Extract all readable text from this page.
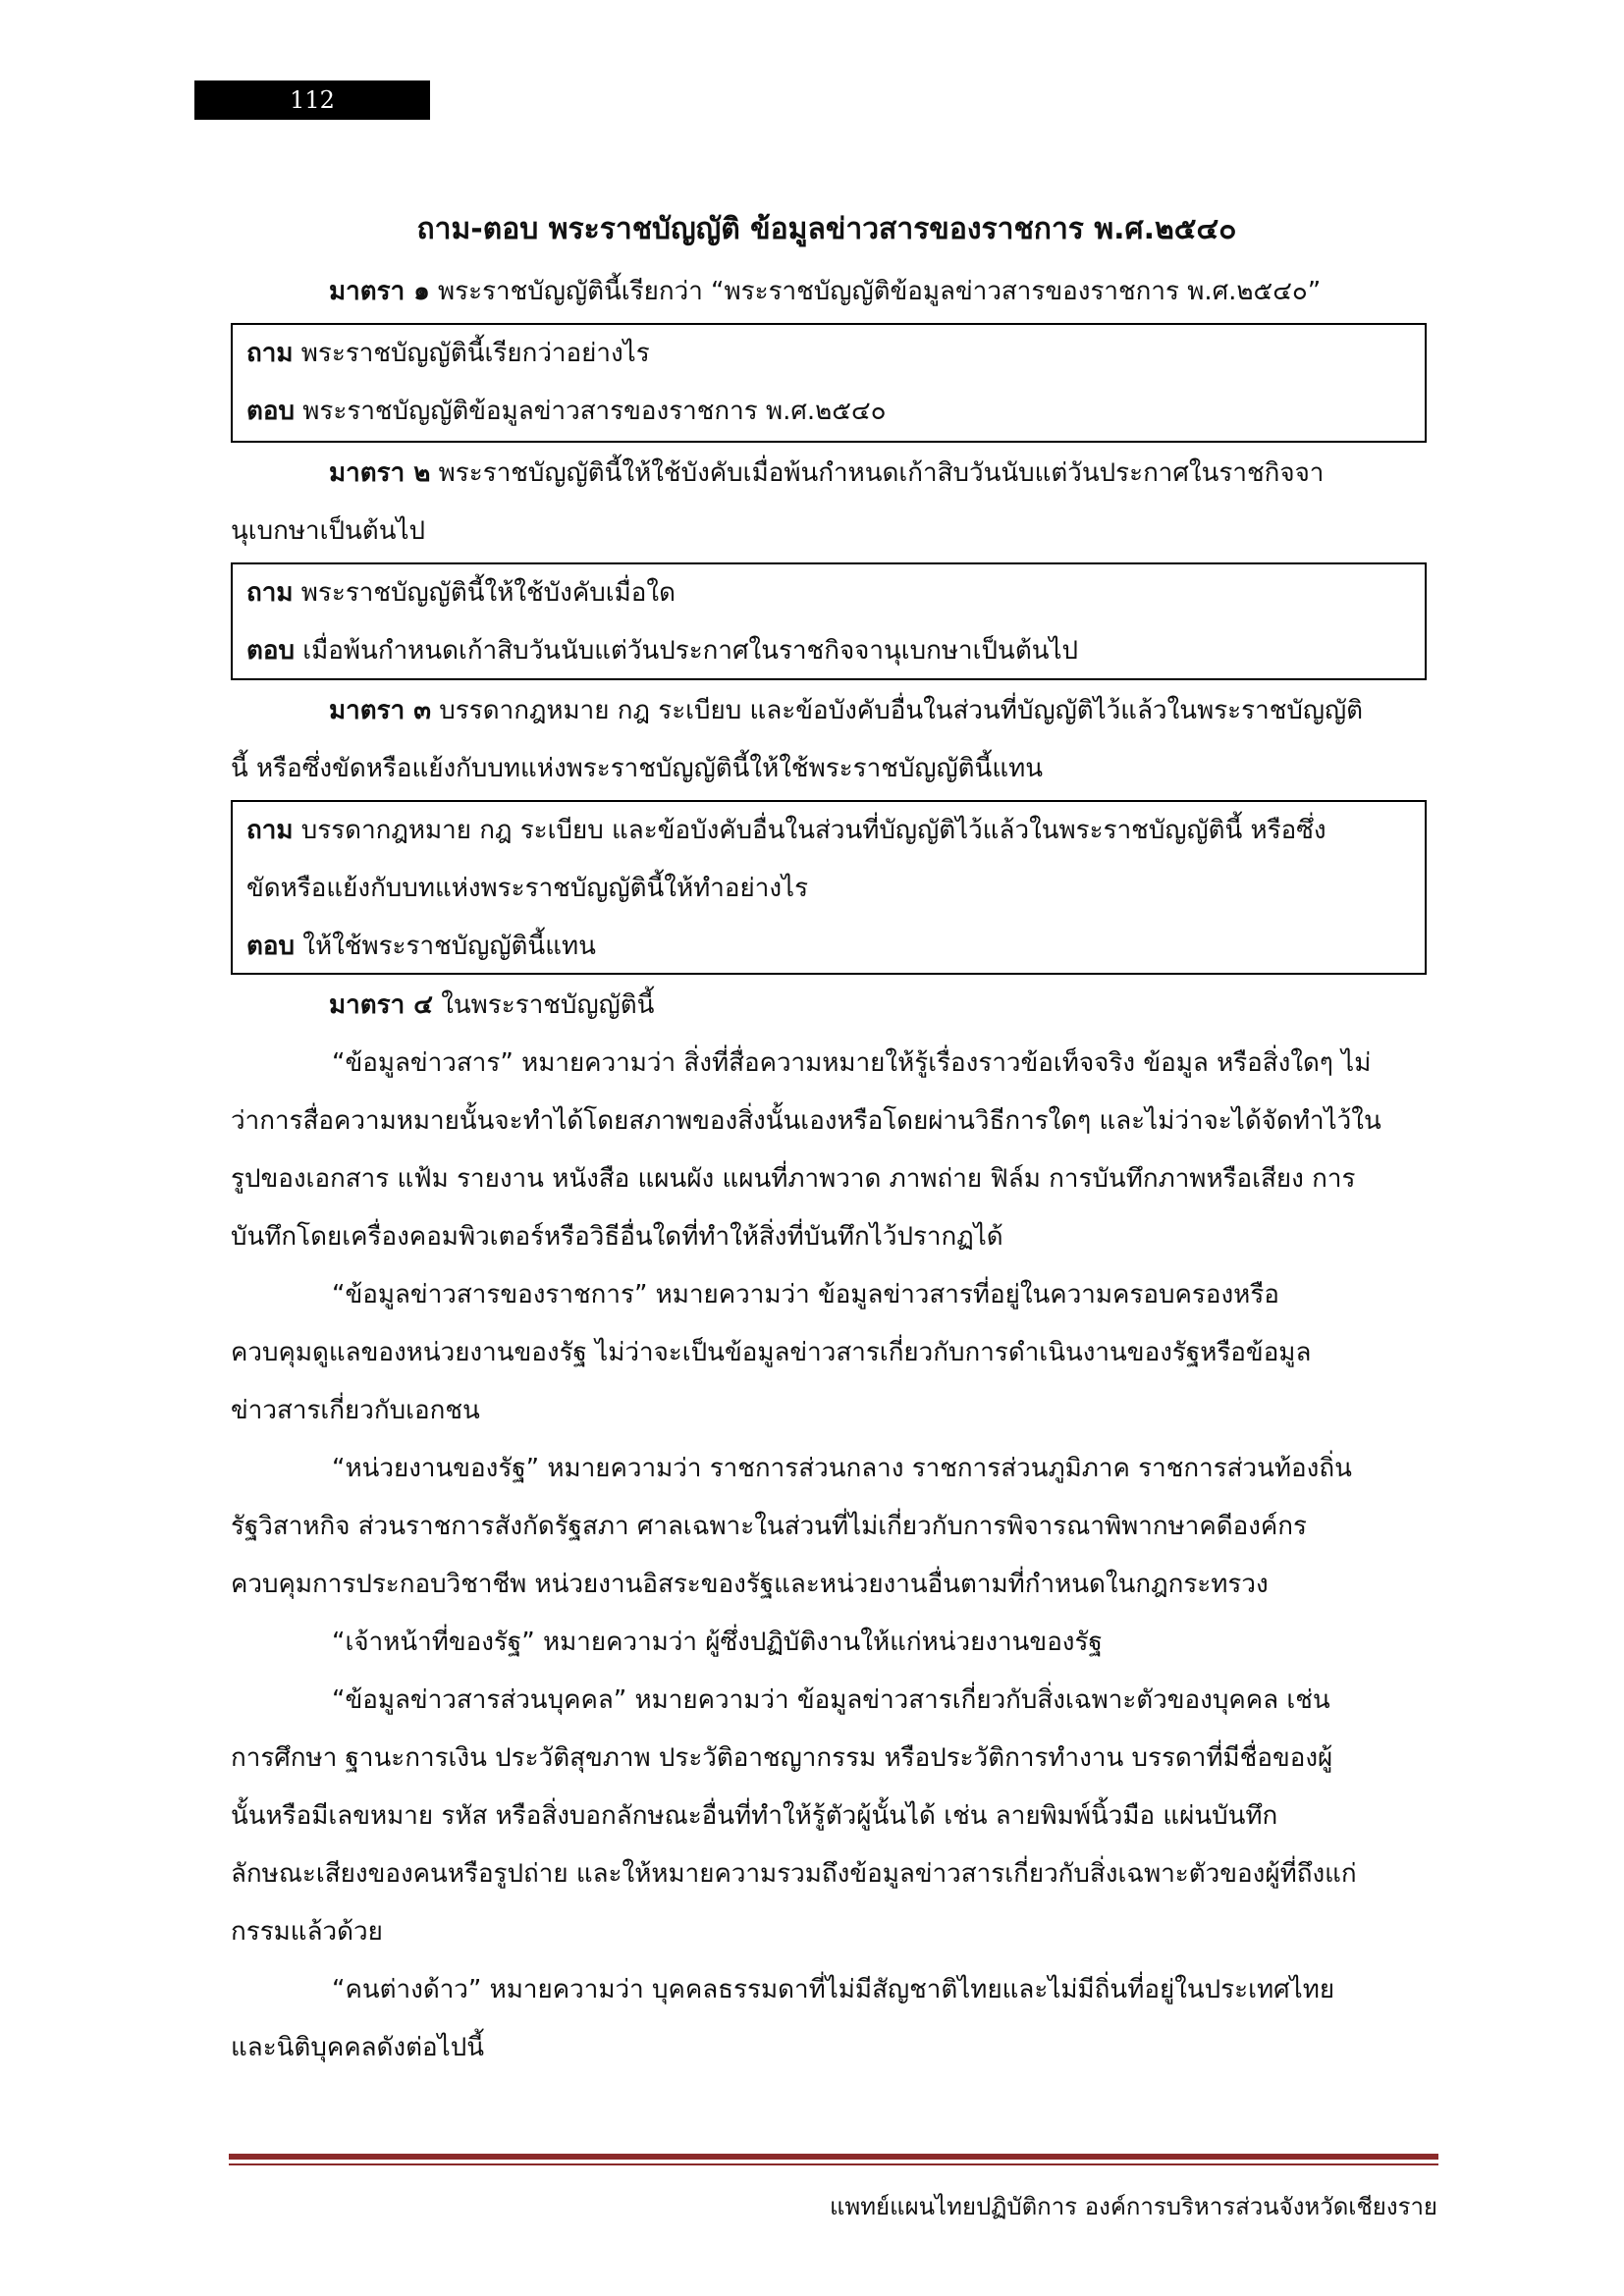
112
ถาม-ตอบ พระราชบัญญัติ ข้อมูลข่าวสารของราชการ พ.ศ.๒๕๔๐

มาตรา ๑ พระราชบัญญัตินี้เรียกว่า “พระราชบัญญัติข้อมูลข่าวสารของราชการ พ.ศ.๒๕๔๐”

ถาม พระราชบัญญัตินี้เรียกว่าอย่างไร

ตอบ พระราชบัญญัติข้อมูลข่าวสารของราชการ พ.ศ.๒๕๔๐

มาตรา ๒ พระราชบัญญัตินี้ให้ใช้บังคับเมื่อพ้นกำหนดเก้าสิบวันนับแต่วันประกาศในราชกิจจา

นุเบกษาเป็นต้นไป

ถาม พระราชบัญญัตินี้ให้ใช้บังคับเมื่อใด

ตอบ เมื่อพ้นกำหนดเก้าสิบวันนับแต่วันประกาศในราชกิจจานุเบกษาเป็นต้นไป

มาตรา ๓ บรรดากฎหมาย กฎ ระเบียบ และข้อบังคับอื่นในส่วนที่บัญญัติไว้แล้วในพระราชบัญญัติ

นี้ หรือซึ่งขัดหรือแย้งกับบทแห่งพระราชบัญญัตินี้ให้ใช้พระราชบัญญัตินี้แทน

ถาม บรรดากฎหมาย กฎ ระเบียบ และข้อบังคับอื่นในส่วนที่บัญญัติไว้แล้วในพระราชบัญญัตินี้ หรือซึ่ง

ขัดหรือแย้งกับบทแห่งพระราชบัญญัตินี้ให้ทำอย่างไร

ตอบ ให้ใช้พระราชบัญญัตินี้แทน

มาตรา ๔ ในพระราชบัญญัตินี้

“ข้อมูลข่าวสาร” หมายความว่า สิ่งที่สื่อความหมายให้รู้เรื่องราวข้อเท็จจริง ข้อมูล หรือสิ่งใดๆ ไม่

ว่าการสื่อความหมายนั้นจะทำได้โดยสภาพของสิ่งนั้นเองหรือโดยผ่านวิธีการใดๆ และไม่ว่าจะได้จัดทำไว้ใน

รูปของเอกสาร แฟ้ม รายงาน หนังสือ แผนผัง แผนที่ภาพวาด ภาพถ่าย ฟิล์ม การบันทึกภาพหรือเสียง การ

บันทึกโดยเครื่องคอมพิวเตอร์หรือวิธีอื่นใดที่ทำให้สิ่งที่บันทึกไว้ปรากฏได้

“ข้อมูลข่าวสารของราชการ” หมายความว่า ข้อมูลข่าวสารที่อยู่ในความครอบครองหรือ

ควบคุมดูแลของหน่วยงานของรัฐ ไม่ว่าจะเป็นข้อมูลข่าวสารเกี่ยวกับการดำเนินงานของรัฐหรือข้อมูล

ข่าวสารเกี่ยวกับเอกชน

“หน่วยงานของรัฐ” หมายความว่า ราชการส่วนกลาง ราชการส่วนภูมิภาค ราชการส่วนท้องถิ่น

รัฐวิสาหกิจ ส่วนราชการสังกัดรัฐสภา ศาลเฉพาะในส่วนที่ไม่เกี่ยวกับการพิจารณาพิพากษาคดีองค์กร

ควบคุมการประกอบวิชาชีพ หน่วยงานอิสระของรัฐและหน่วยงานอื่นตามที่กำหนดในกฎกระทรวง

“เจ้าหน้าที่ของรัฐ” หมายความว่า ผู้ซึ่งปฏิบัติงานให้แก่หน่วยงานของรัฐ

“ข้อมูลข่าวสารส่วนบุคคล” หมายความว่า ข้อมูลข่าวสารเกี่ยวกับสิ่งเฉพาะตัวของบุคคล เช่น

การศึกษา ฐานะการเงิน ประวัติสุขภาพ ประวัติอาชญากรรม หรือประวัติการทำงาน บรรดาที่มีชื่อของผู้

นั้นหรือมีเลขหมาย รหัส หรือสิ่งบอกลักษณะอื่นที่ทำให้รู้ตัวผู้นั้นได้ เช่น ลายพิมพ์นิ้วมือ แผ่นบันทึก

ลักษณะเสียงของคนหรือรูปถ่าย และให้หมายความรวมถึงข้อมูลข่าวสารเกี่ยวกับสิ่งเฉพาะตัวของผู้ที่ถึงแก่

กรรมแล้วด้วย

“คนต่างด้าว” หมายความว่า บุคคลธรรมดาที่ไม่มีสัญชาติไทยและไม่มีถิ่นที่อยู่ในประเทศไทย

และนิติบุคคลดังต่อไปนี้

แพทย์แผนไทยปฏิบัติการ องค์การบริหารส่วนจังหวัดเชียงราย
